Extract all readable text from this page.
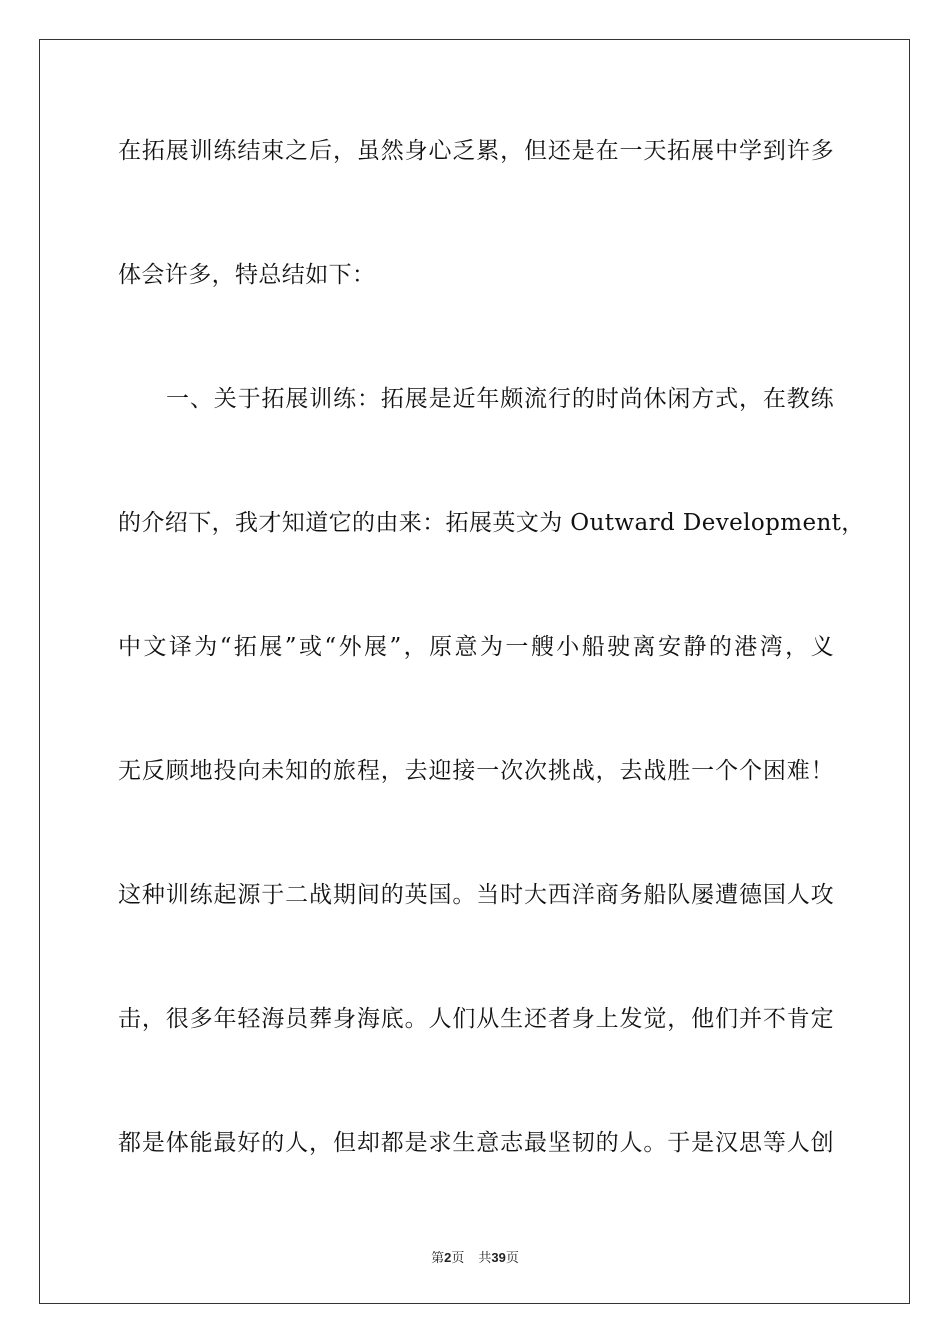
在拓展训练结束之后，虽然身心乏累，但还是在一天拓展中学到许多
体会许多，特总结如下：
一、关于拓展训练：拓展是近年颇流行的时尚休闲方式，在教练
的介绍下，我才知道它的由来：拓展英文为 Outward Development，
中文译为“拓展”或“外展”，原意为一艘小船驶离安静的港湾，义
无反顾地投向未知的旅程，去迎接一次次挑战，去战胜一个个困难！
这种训练起源于二战期间的英国。当时大西洋商务船队屡遭德国人攻
击，很多年轻海员葬身海底。人们从生还者身上发觉，他们并不肯定
都是体能最好的人，但却都是求生意志最坚韧的人。于是汉思等人创
第2页 共39页
